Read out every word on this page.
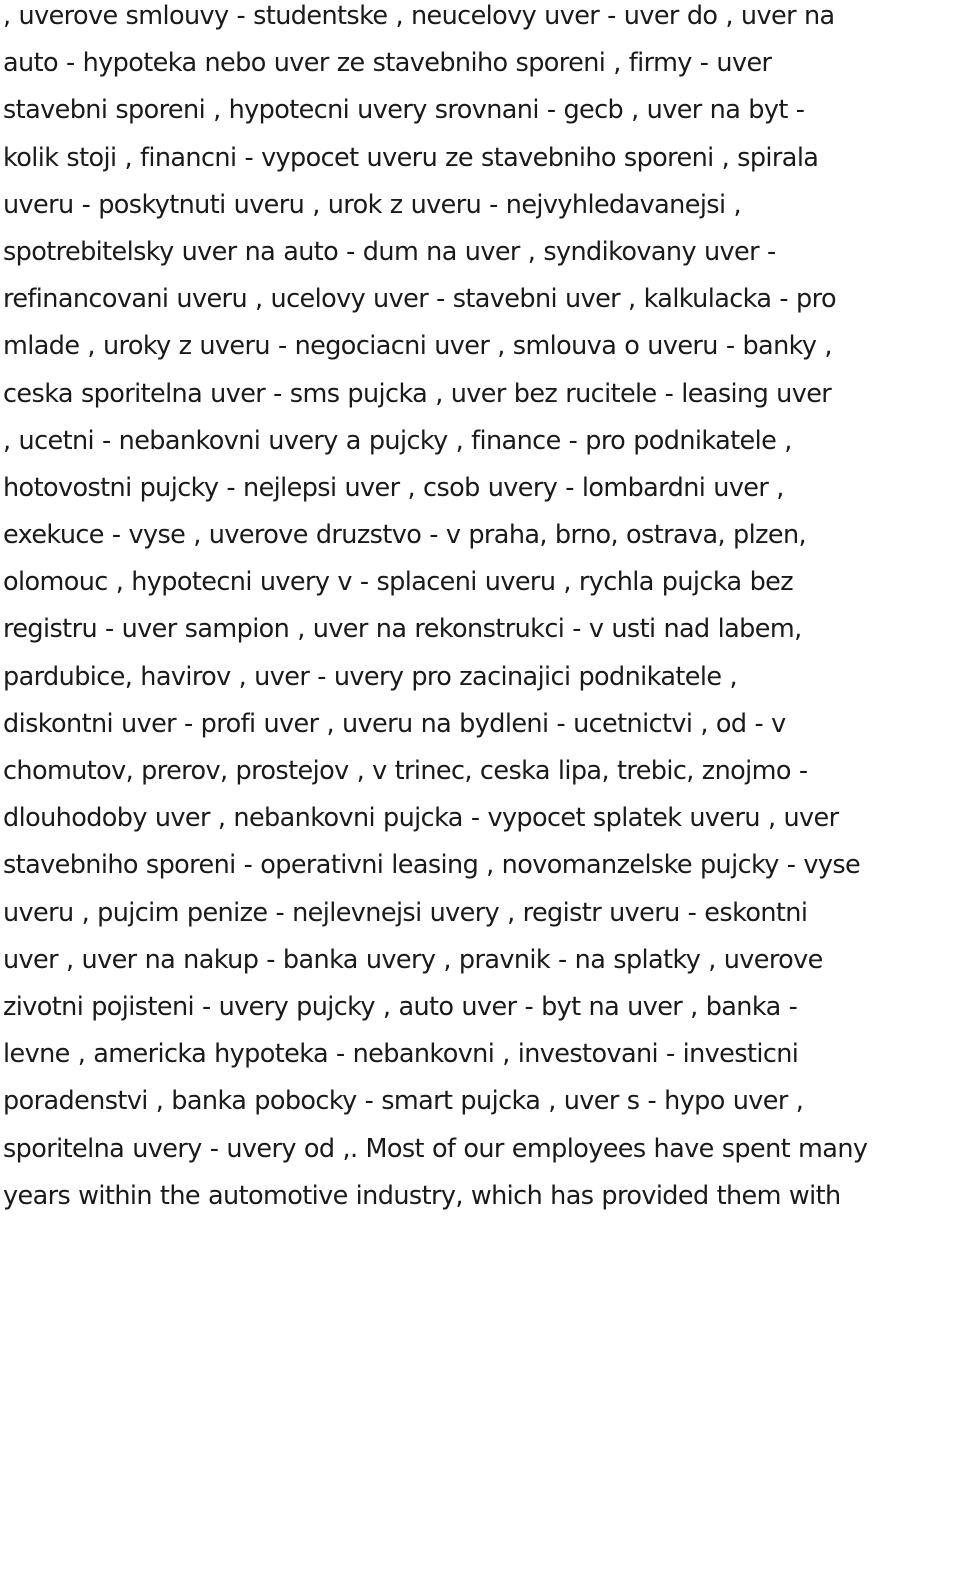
, uverove smlouvy - studentske , neucelovy uver - uver do , uver na
auto - hypoteka nebo uver ze stavebniho sporeni , firmy - uver
stavebni sporeni , hypotecni uvery srovnani - gecb , uver na byt -
kolik stoji , financni - vypocet uveru ze stavebniho sporeni , spirala
uveru - poskytnuti uveru , urok z uveru - nejvyhledavanejsi ,
spotrebitelsky uver na auto - dum na uver , syndikovany uver -
refinancovani uveru , ucelovy uver - stavebni uver , kalkulacka - pro
mlade , uroky z uveru - negociacni uver , smlouva o uveru - banky ,
ceska sporitelna uver - sms pujcka , uver bez rucitele - leasing uver
, ucetni - nebankovni uvery a pujcky , finance - pro podnikatele ,
hotovostni pujcky - nejlepsi uver , csob uvery - lombardni uver ,
exekuce - vyse , uverove druzstvo - v praha, brno, ostrava, plzen,
olomouc , hypotecni uvery v - splaceni uveru , rychla pujcka bez
registru - uver sampion , uver na rekonstrukci - v usti nad labem,
pardubice, havirov , uver - uvery pro zacinajici podnikatele ,
diskontni uver - profi uver , uveru na bydleni - ucetnictvi , od - v
chomutov, prerov, prostejov , v trinec, ceska lipa, trebic, znojmo -
dlouhodoby uver , nebankovni pujcka - vypocet splatek uveru , uver
stavebniho sporeni - operativni leasing , novomanzelske pujcky - vyse
uveru , pujcim penize - nejlevnejsi uvery , registr uveru - eskontni
uver , uver na nakup - banka uvery , pravnik - na splatky , uverove
zivotni pojisteni - uvery pujcky , auto uver - byt na uver , banka -
levne , americka hypoteka - nebankovni , investovani - investicni
poradenstvi , banka pobocky - smart pujcka , uver s - hypo uver ,
sporitelna uvery - uvery od ,. Most of our employees have spent many
years within the automotive industry, which has provided them with
